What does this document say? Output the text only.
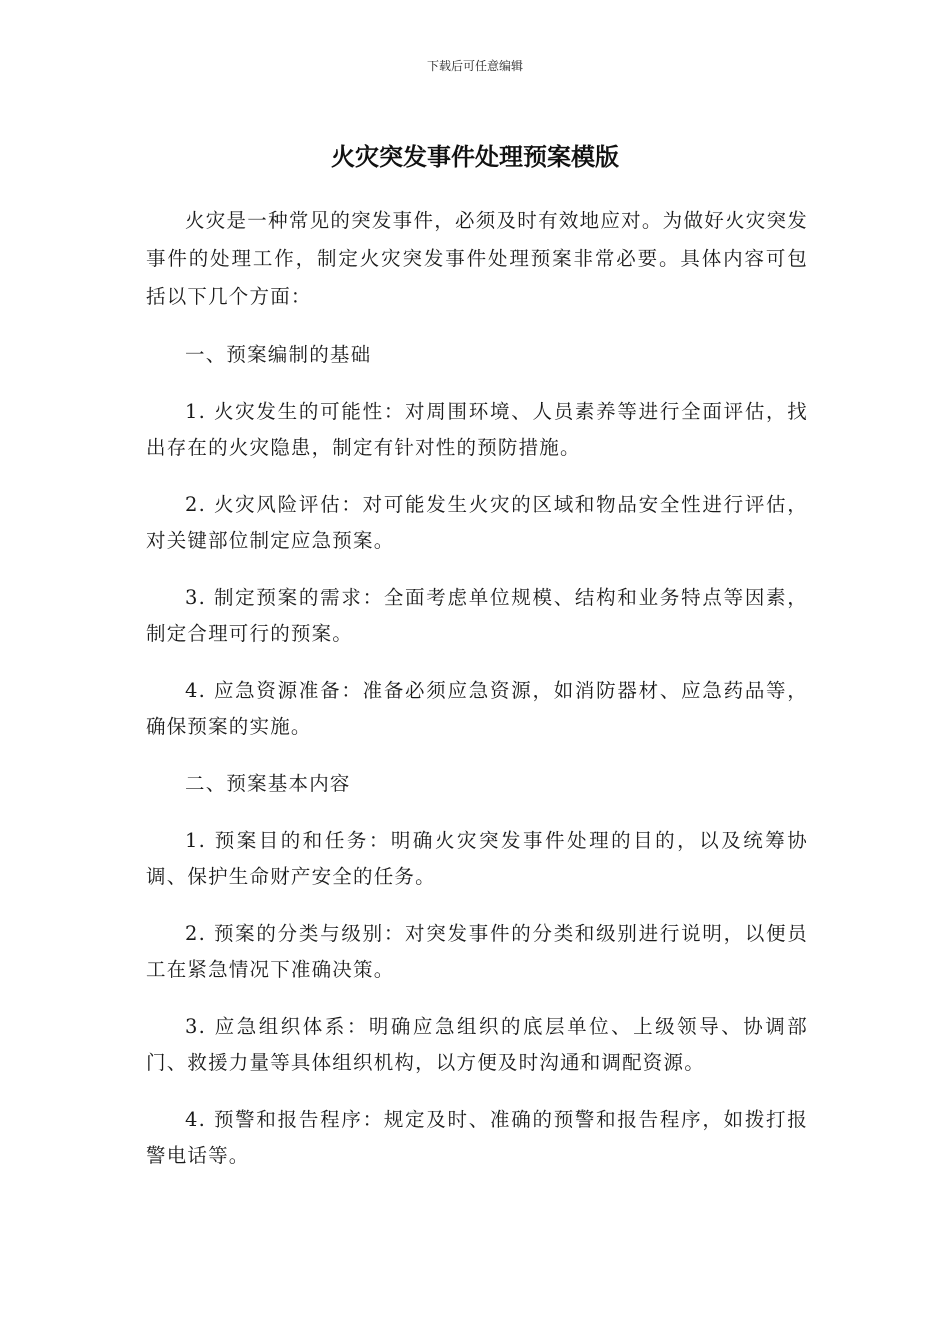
下载后可任意编辑
火灾突发事件处理预案模版

火灾是一种常见的突发事件，必须及时有效地应对。为做好火灾突发事件的处理工作，制定火灾突发事件处理预案非常必要。具体内容可包括以下几个方面：

一、预案编制的基础

1. 火灾发生的可能性：对周围环境、人员素养等进行全面评估，找出存在的火灾隐患，制定有针对性的预防措施。

2. 火灾风险评估：对可能发生火灾的区域和物品安全性进行评估，对关键部位制定应急预案。

3. 制定预案的需求：全面考虑单位规模、结构和业务特点等因素，制定合理可行的预案。

4. 应急资源准备：准备必须应急资源，如消防器材、应急药品等，确保预案的实施。

二、预案基本内容

1. 预案目的和任务：明确火灾突发事件处理的目的，以及统筹协调、保护生命财产安全的任务。

2. 预案的分类与级别：对突发事件的分类和级别进行说明，以便员工在紧急情况下准确决策。

3. 应急组织体系：明确应急组织的底层单位、上级领导、协调部门、救援力量等具体组织机构，以方便及时沟通和调配资源。

4. 预警和报告程序：规定及时、准确的预警和报告程序，如拨打报警电话等。
